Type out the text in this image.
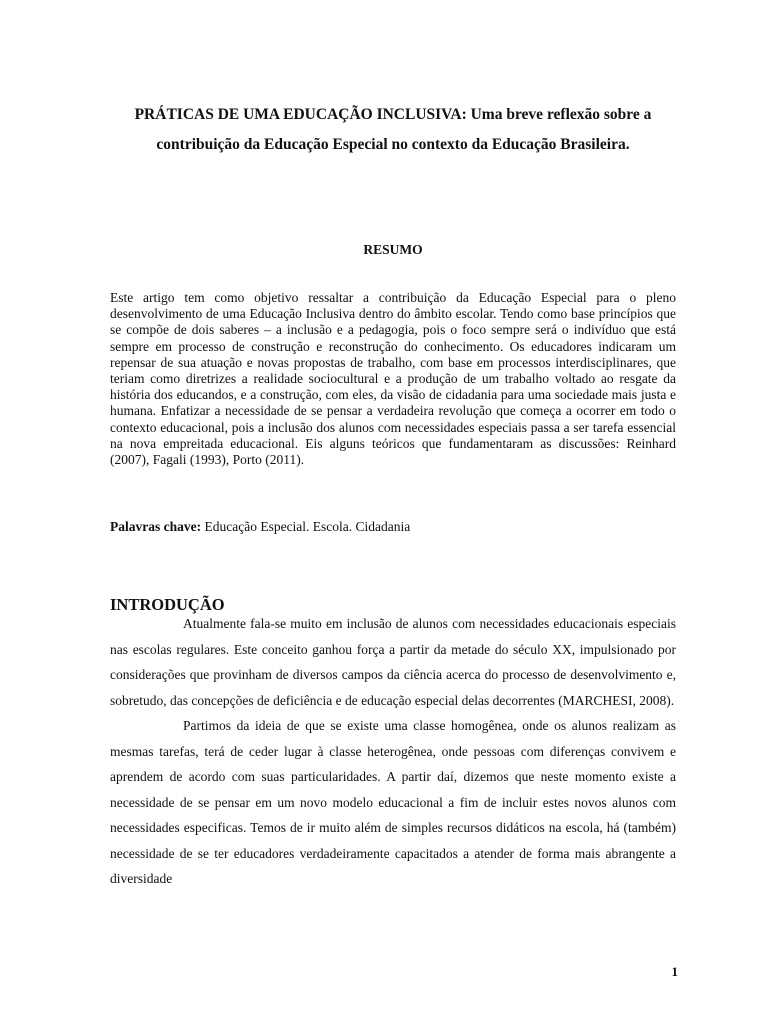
PRÁTICAS DE UMA EDUCAÇÃO INCLUSIVA: Uma breve reflexão sobre a contribuição da Educação Especial no contexto da Educação Brasileira.
RESUMO

Este artigo tem como objetivo ressaltar a contribuição da Educação Especial para o pleno desenvolvimento de uma Educação Inclusiva dentro do âmbito escolar. Tendo como base princípios que se compõe de dois saberes – a inclusão e a pedagogia, pois o foco sempre será o indivíduo que está sempre em processo de construção e reconstrução do conhecimento. Os educadores indicaram um repensar de sua atuação e novas propostas de trabalho, com base em processos interdisciplinares, que teriam como diretrizes a realidade sociocultural e a produção de um trabalho voltado ao resgate da história dos educandos, e a construção, com eles, da visão de cidadania para uma sociedade mais justa e humana. Enfatizar a necessidade de se pensar a verdadeira revolução que começa a ocorrer em todo o contexto educacional, pois a inclusão dos alunos com necessidades especiais passa a ser tarefa essencial na nova empreitada educacional. Eis alguns teóricos que fundamentaram as discussões: Reinhard (2007), Fagali (1993), Porto (2011).

Palavras chave: Educação Especial. Escola. Cidadania

INTRODUÇÃO

Atualmente fala-se muito em inclusão de alunos com necessidades educacionais especiais nas escolas regulares. Este conceito ganhou força a partir da metade do século XX, impulsionado por considerações que provinham de diversos campos da ciência acerca do processo de desenvolvimento e, sobretudo, das concepções de deficiência e de educação especial delas decorrentes (MARCHESI, 2008).

Partimos da ideia de que se existe uma classe homogênea, onde os alunos realizam as mesmas tarefas, terá de ceder lugar à classe heterogênea, onde pessoas com diferenças convivem e aprendem de acordo com suas particularidades. A partir daí, dizemos que neste momento existe a necessidade de se pensar em um novo modelo educacional a fim de incluir estes novos alunos com necessidades especificas. Temos de ir muito além de simples recursos didáticos na escola, há (também) necessidade de se ter educadores verdadeiramente capacitados a atender de forma mais abrangente a diversidade

1
